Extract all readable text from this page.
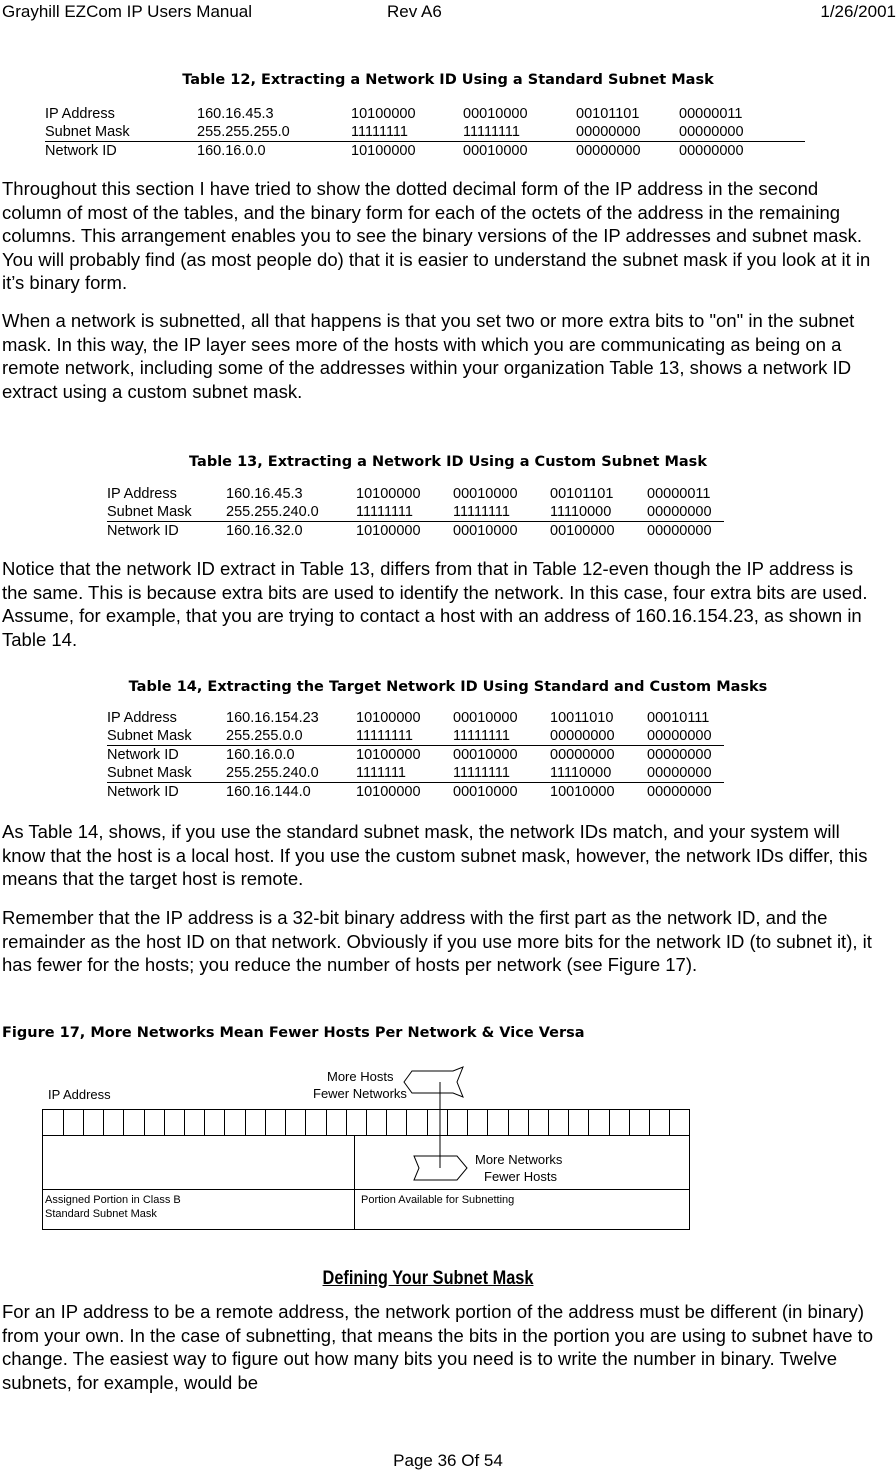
Grayhill EZCom IP Users Manual	Rev A6	1/26/2001
Table 12, Extracting a Network ID Using a Standard Subnet Mask
IP Address	160.16.45.3	10100000	00010000	00101101	00000011	
Subnet Mask	255.255.255.0	11111111	11111111	00000000	00000000	
Network ID	160.16.0.0	10100000	00010000	00000000	00000000	

Throughout this section I have tried to show the dotted decimal form of the IP address in the second column of most of the tables, and the binary form for each of the octets of the address in the remaining columns. This arrangement enables you to see the binary versions of the IP addresses and subnet mask. You will probably find (as most people do) that it is easier to understand the subnet mask if you look at it in it’s binary form.

When a network is subnetted, all that happens is that you set two or more extra bits to "on" in the subnet mask. In this way, the IP layer sees more of the hosts with which you are communicating as being on a remote network, including some of the addresses within your organization Table 13, shows a network ID extract using a custom subnet mask.

Table 13, Extracting a Network ID Using a Custom Subnet Mask
IP Address	160.16.45.3	10100000	00010000	00101101	00000011
Subnet Mask	255.255.240.0	11111111	11111111	11110000	00000000
Network ID	160.16.32.0	10100000	00010000	00100000	00000000

Notice that the network ID extract in Table 13, differs from that in Table 12-even though the IP address is the same. This is because extra bits are used to identify the network. In this case, four extra bits are used. Assume, for example, that you are trying to contact a host with an address of 160.16.154.23, as shown in Table 14.

Table 14, Extracting the Target Network ID Using Standard and Custom Masks
IP Address	160.16.154.23	10100000	00010000	10011010	00010111
Subnet Mask	255.255.0.0	11111111	11111111	00000000	00000000
Network ID	160.16.0.0	10100000	00010000	00000000	00000000
Subnet Mask	255.255.240.0	1111111	11111111	11110000	00000000
Network ID	160.16.144.0	10100000	00010000	10010000	00000000

As Table 14, shows, if you use the standard subnet mask, the network IDs match, and your system will know that the host is a local host. If you use the custom subnet mask, however, the network IDs differ, this means that the target host is remote.

Remember that the IP address is a 32-bit binary address with the first part as the network ID, and the remainder as the host ID on that network. Obviously if you use more bits for the network ID (to subnet it), it has fewer for the hosts; you reduce the number of hosts per network (see Figure 17).

Figure 17, More Networks Mean Fewer Hosts Per Network & Vice Versa
IP Address
More Hosts
Fewer Networks
More Networks
Fewer Hosts
Assigned Portion in Class B
Standard Subnet Mask
Portion Available for Subnetting
Defining Your Subnet Mask

For an IP address to be a remote address, the network portion of the address must be different (in binary) from your own. In the case of subnetting, that means the bits in the portion you are using to subnet have to change. The easiest way to figure out how many bits you need is to write the number in binary. Twelve subnets, for example, would be

Page 36 Of 54
